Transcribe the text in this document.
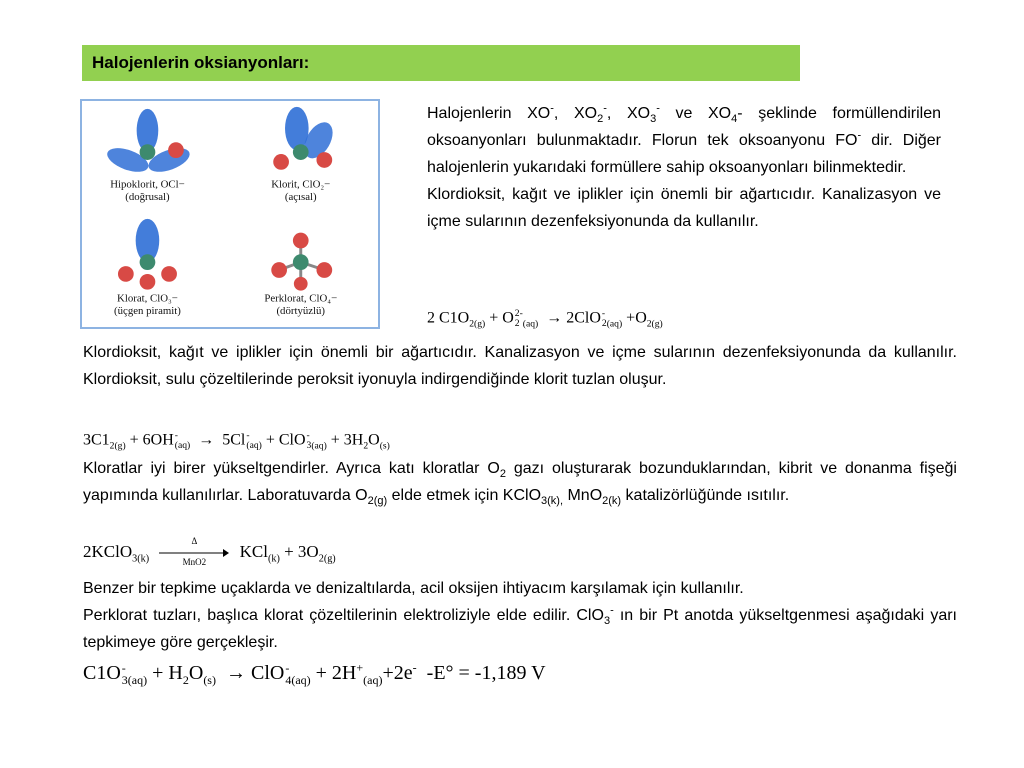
Halojenlerin oksianyonları:
Hipoklorit, OCl−
(doğrusal)
Klorit, ClO₂−
(açısal)
Klorat, ClO₃−
(üçgen piramit)
Perklorat, ClO₄−
(dörtyüzlü)

Halojenlerin XO-, $XO_2^-$, $XO_3^-$ ve $XO_4-$ şeklinde formüllendirilen oksoanyonları bulunmaktadır. Florun tek oksoanyonu FO- dir. Diğer halojenlerin yukarıdaki formüllere sahip oksoanyonları bilinmektedir.
Klordioksit, kağıt ve iplikler için önemli bir ağartıcıdır. Kanalizasyon ve içme sularının dezenfeksiyonunda da kullanılır.

2 $C1O_{2(g)} + O$ 2-
2 $_{(aq)}$ → 2ClO -
2 $_{(aq)} +O_{2(g)}$

Klordioksit, kağıt ve iplikler için önemli bir ağartıcıdır. Kanalizasyon ve içme sularının dezenfeksiyonunda da kullanılır. Klordioksit, sulu çözeltilerinde peroksit iyonuyla indirgendiğinde klorit tuzlan oluşur.

$3C1_{2(g)} + 6OH$ -
(aq) → 5Cl -
(aq) + ClO -
3 $_{(aq)} + 3H_2O_{(s)}$

Kloratlar iyi birer yükseltgendirler. Ayrıca katı kloratlar $O_2$ gazı oluşturarak bozunduklarından, kibrit ve donanma fişeği yapımında kullanılırlar. Laboratuvarda $O_{2(g)}$ elde etmek için KClO$_{3(k),}$ MnO$_{2(k)}$ katalizörlüğünde ısıtılır.

2KClO$_{3(k)}$
Δ
MnO2
$KCl_{(k)} + 3O_{2(g)}$

Benzer bir tepkime uçaklarda ve denizaltılarda, acil oksijen ihtiyacım karşılamak için kullanılır.
Perklorat tuzları, başlıca klorat çözeltilerinin elektroliziyle elde edilir. ClO$_3$- ın bir Pt anotda yükseltgenmesi aşağıdaki yarı tepkimeye göre gerçekleşir.

C1O -
3 $_{(aq)} + H_2O_{(s)}$ → ClO -
4 $_{(aq)} + 2H^+_{(aq)}+2e^-$ -E° = -1,189 V
